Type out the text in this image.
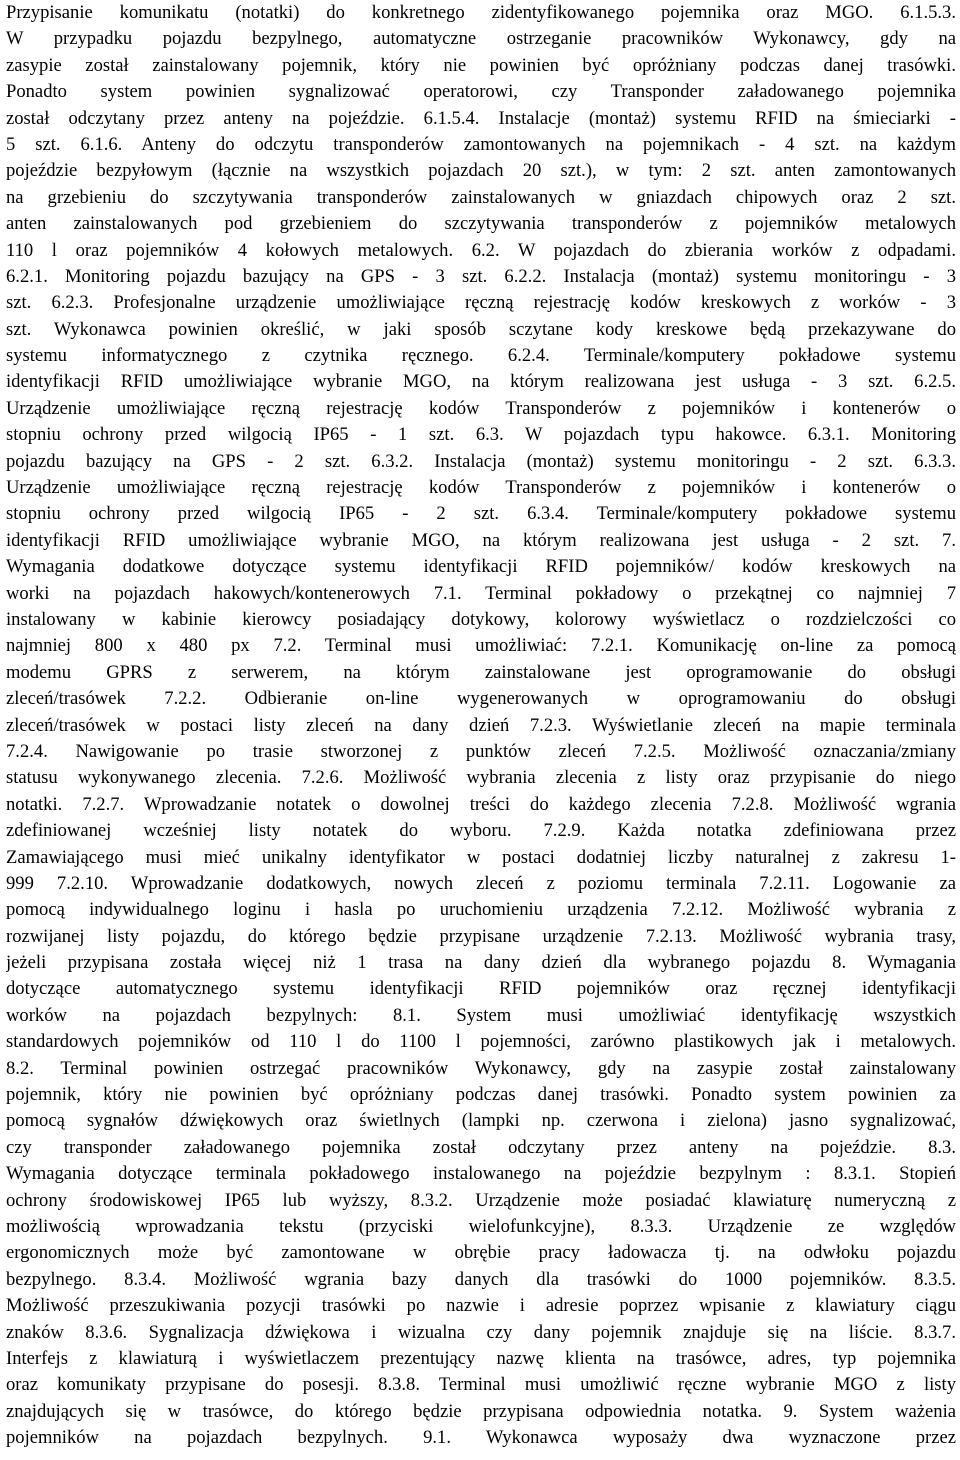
Przypisanie komunikatu (notatki) do konkretnego zidentyfikowanego pojemnika oraz MGO. 6.1.5.3.
W przypadku pojazdu bezpylnego, automatyczne ostrzeganie pracowników Wykonawcy, gdy na
zasypie został zainstalowany pojemnik, który nie powinien być opróżniany podczas danej trasówki.
Ponadto system powinien sygnalizować operatorowi, czy Transponder załadowanego pojemnika
został odczytany przez anteny na pojeździe. 6.1.5.4. Instalacje (montaż) systemu RFID na śmieciarki -
5 szt. 6.1.6. Anteny do odczytu transponderów zamontowanych na pojemnikach - 4 szt. na każdym
pojeździe bezpyłowym (łącznie na wszystkich pojazdach 20 szt.), w tym: 2 szt. anten zamontowanych
na grzebieniu do szczytywania transponderów zainstalowanych w gniazdach chipowych oraz 2 szt.
anten zainstalowanych pod grzebieniem do szczytywania transponderów z pojemników metalowych
110 l oraz pojemników 4 kołowych metalowych. 6.2. W pojazdach do zbierania worków z odpadami.
6.2.1. Monitoring pojazdu bazujący na GPS - 3 szt. 6.2.2. Instalacja (montaż) systemu monitoringu - 3
szt. 6.2.3. Profesjonalne urządzenie umożliwiające ręczną rejestrację kodów kreskowych z worków - 3
szt. Wykonawca powinien określić, w jaki sposób sczytane kody kreskowe będą przekazywane do
systemu informatycznego z czytnika ręcznego. 6.2.4. Terminale/komputery pokładowe systemu
identyfikacji RFID umożliwiające wybranie MGO, na którym realizowana jest usługa - 3 szt. 6.2.5.
Urządzenie umożliwiające ręczną rejestrację kodów Transponderów z pojemników i kontenerów o
stopniu ochrony przed wilgocią IP65 - 1 szt. 6.3. W pojazdach typu hakowce. 6.3.1. Monitoring
pojazdu bazujący na GPS - 2 szt. 6.3.2. Instalacja (montaż) systemu monitoringu - 2 szt. 6.3.3.
Urządzenie umożliwiające ręczną rejestrację kodów Transponderów z pojemników i kontenerów o
stopniu ochrony przed wilgocią IP65 - 2 szt. 6.3.4. Terminale/komputery pokładowe systemu
identyfikacji RFID umożliwiające wybranie MGO, na którym realizowana jest usługa - 2 szt. 7.
Wymagania dodatkowe dotyczące systemu identyfikacji RFID pojemników/ kodów kreskowych na
worki na pojazdach hakowych/kontenerowych 7.1. Terminal pokładowy o przekątnej co najmniej 7
instalowany w kabinie kierowcy posiadający dotykowy, kolorowy wyświetlacz o rozdzielczości co
najmniej 800 x 480 px 7.2. Terminal musi umożliwiać: 7.2.1. Komunikację on-line za pomocą
modemu GPRS z serwerem, na którym zainstalowane jest oprogramowanie do obsługi
zleceń/trasówek 7.2.2. Odbieranie on-line wygenerowanych w oprogramowaniu do obsługi
zleceń/trasówek w postaci listy zleceń na dany dzień 7.2.3. Wyświetlanie zleceń na mapie terminala
7.2.4. Nawigowanie po trasie stworzonej z punktów zleceń 7.2.5. Możliwość oznaczania/zmiany
statusu wykonywanego zlecenia. 7.2.6. Możliwość wybrania zlecenia z listy oraz przypisanie do niego
notatki. 7.2.7. Wprowadzanie notatek o dowolnej treści do każdego zlecenia 7.2.8. Możliwość wgrania
zdefiniowanej wcześniej listy notatek do wyboru. 7.2.9. Każda notatka zdefiniowana przez
Zamawiającego musi mieć unikalny identyfikator w postaci dodatniej liczby naturalnej z zakresu 1-
999 7.2.10. Wprowadzanie dodatkowych, nowych zleceń z poziomu terminala 7.2.11. Logowanie za
pomocą indywidualnego loginu i hasla po uruchomieniu urządzenia 7.2.12. Możliwość wybrania z
rozwijanej listy pojazdu, do którego będzie przypisane urządzenie 7.2.13. Możliwość wybrania trasy,
jeżeli przypisana została więcej niż 1 trasa na dany dzień dla wybranego pojazdu 8. Wymagania
dotyczące automatycznego systemu identyfikacji RFID pojemników oraz ręcznej identyfikacji
worków na pojazdach bezpylnych: 8.1. System musi umożliwiać identyfikację wszystkich
standardowych pojemników od 110 l do 1100 l pojemności, zarówno plastikowych jak i metalowych.
8.2. Terminal powinien ostrzegać pracowników Wykonawcy, gdy na zasypie został zainstalowany
pojemnik, który nie powinien być opróżniany podczas danej trasówki. Ponadto system powinien za
pomocą sygnałów dźwiękowych oraz świetlnych (lampki np. czerwona i zielona) jasno sygnalizować,
czy transponder załadowanego pojemnika został odczytany przez anteny na pojeździe. 8.3.
Wymagania dotyczące terminala pokładowego instalowanego na pojeździe bezpylnym : 8.3.1. Stopień
ochrony środowiskowej IP65 lub wyższy, 8.3.2. Urządzenie może posiadać klawiaturę numeryczną z
możliwością wprowadzania tekstu (przyciski wielofunkcyjne), 8.3.3. Urządzenie ze względów
ergonomicznych może być zamontowane w obrębie pracy ładowacza tj. na odwłoku pojazdu
bezpylnego. 8.3.4. Możliwość wgrania bazy danych dla trasówki do 1000 pojemników. 8.3.5.
Możliwość przeszukiwania pozycji trasówki po nazwie i adresie poprzez wpisanie z klawiatury ciągu
znaków 8.3.6. Sygnalizacja dźwiękowa i wizualna czy dany pojemnik znajduje się na liście. 8.3.7.
Interfejs z klawiaturą i wyświetlaczem prezentujący nazwę klienta na trasówce, adres, typ pojemnika
oraz komunikaty przypisane do posesji. 8.3.8. Terminal musi umożliwić ręczne wybranie MGO z listy
znajdujących się w trasówce, do którego będzie przypisana odpowiednia notatka. 9. System ważenia
pojemników na pojazdach bezpylnych. 9.1. Wykonawca wyposaży dwa wyznaczone przez
